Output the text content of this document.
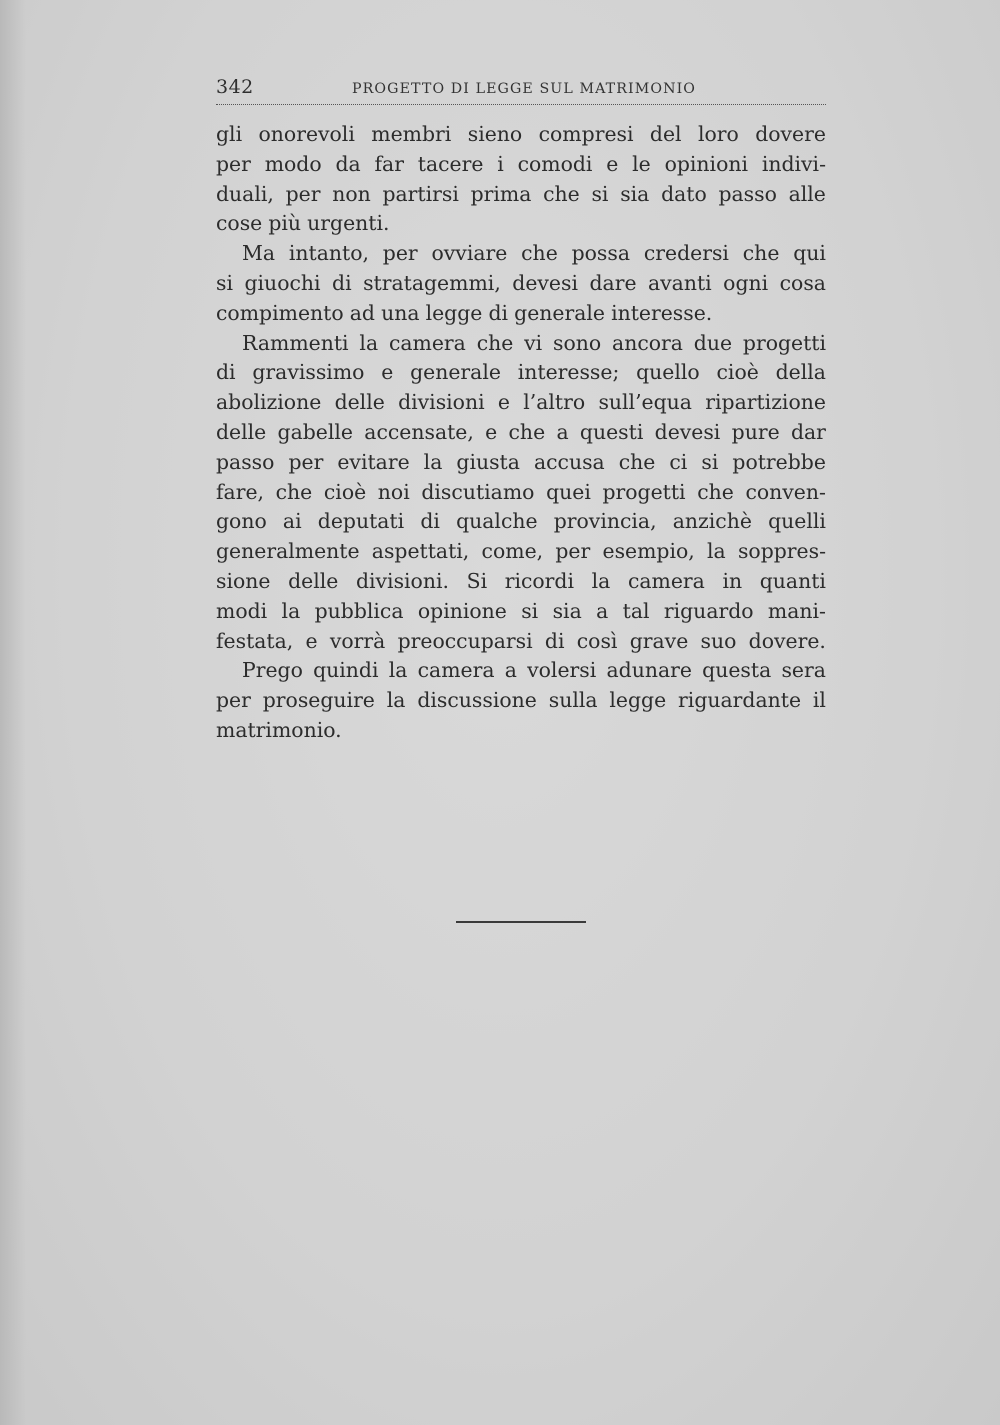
342	PROGETTO DI LEGGE SUL MATRIMONIO
gli onorevoli membri sieno compresi del loro dovere
per modo da far tacere i comodi e le opinioni indivi-
duali, per non partirsi prima che si sia dato passo alle
cose più urgenti.
Ma intanto, per ovviare che possa credersi che qui
si giuochi di stratagemmi, devesi dare avanti ogni cosa
compimento ad una legge di generale interesse.
Rammenti la camera che vi sono ancora due progetti
di gravissimo e generale interesse; quello cioè della
abolizione delle divisioni e l’altro sull’equa ripartizione
delle gabelle accensate, e che a questi devesi pure dar
passo per evitare la giusta accusa che ci si potrebbe
fare, che cioè noi discutiamo quei progetti che conven-
gono ai deputati di qualche provincia, anzichè quelli
generalmente aspettati, come, per esempio, la soppres-
sione delle divisioni. Si ricordi la camera in quanti
modi la pubblica opinione si sia a tal riguardo mani-
festata, e vorrà preoccuparsi di così grave suo dovere.
Prego quindi la camera a volersi adunare questa sera
per proseguire la discussione sulla legge riguardante il
matrimonio.
